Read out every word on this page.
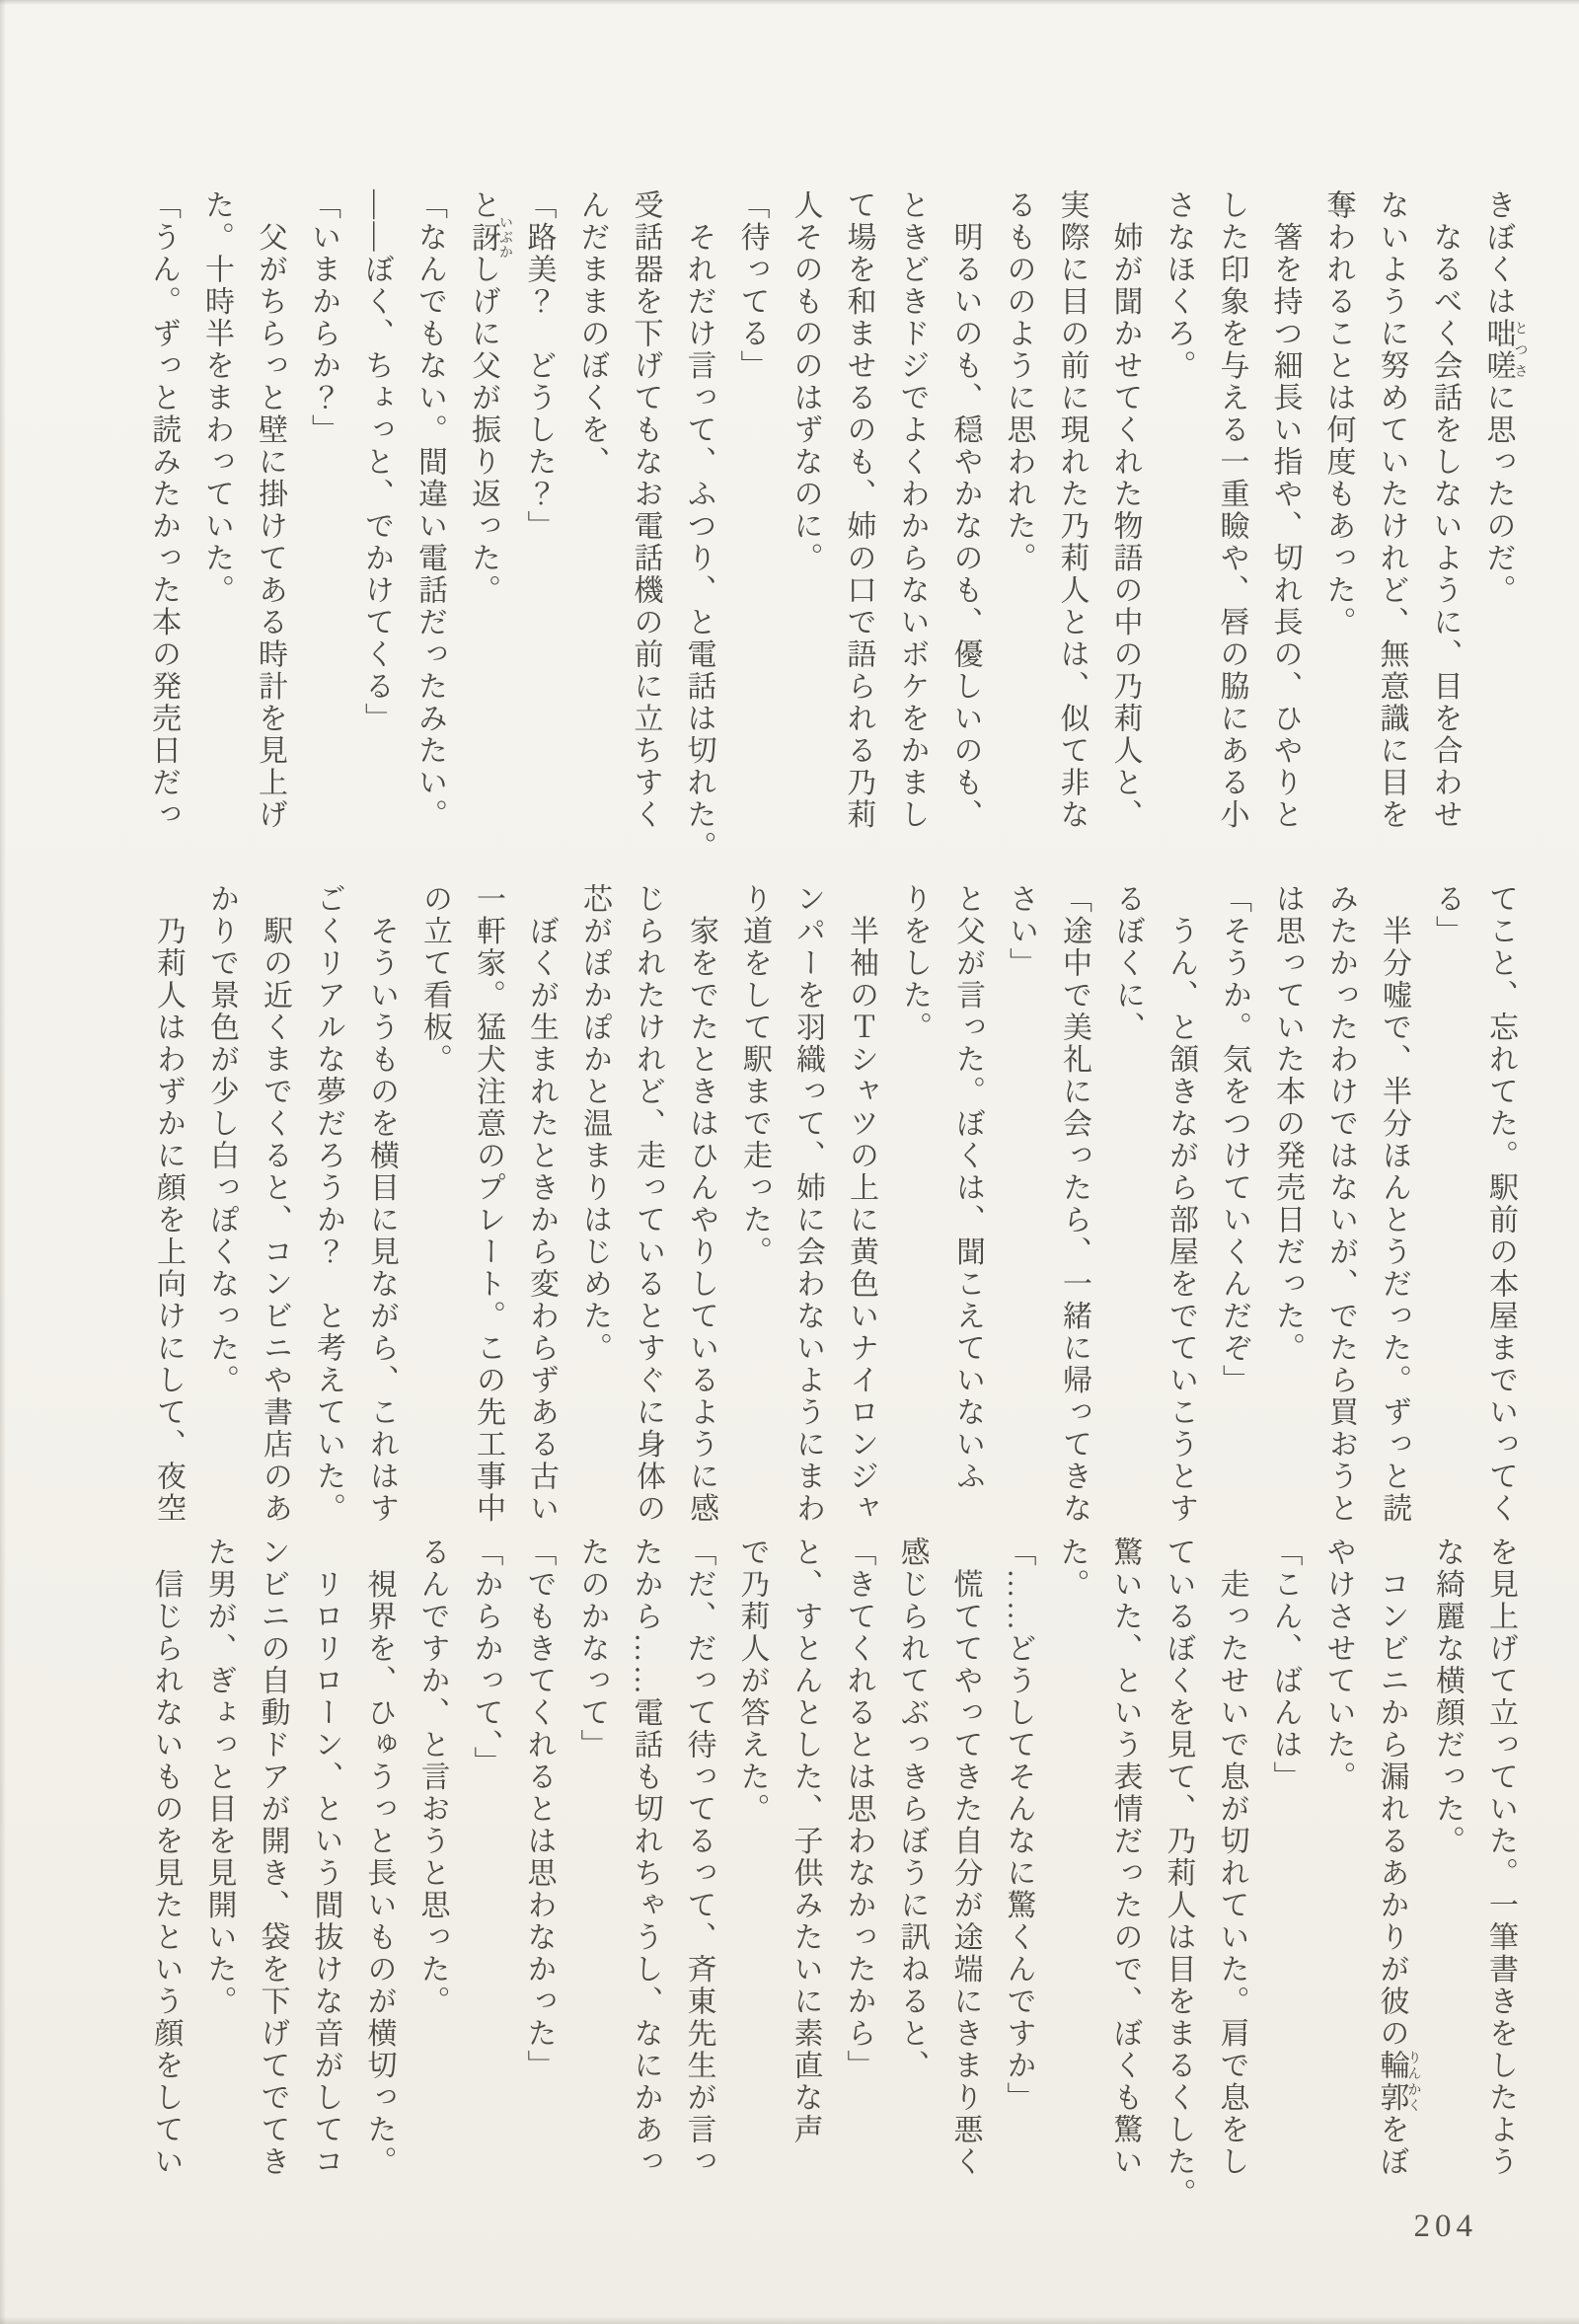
きぼくは咄嗟とつさに思ったのだ。
　なるべく会話をしないように、目を合わせ
ないように努めていたけれど、無意識に目を
奪われることは何度もあった。
　箸を持つ細長い指や、切れ長の、ひやりと
した印象を与える一重瞼や、唇の脇にある小
さなほくろ。
　姉が聞かせてくれた物語の中の乃莉人と、
実際に目の前に現れた乃莉人とは、似て非な
るもののように思われた。
　明るいのも、穏やかなのも、優しいのも、
ときどきドジでよくわからないボケをかまし
て場を和ませるのも、姉の口で語られる乃莉
人そのもののはずなのに。
「待ってる」
　それだけ言って、ふつり、と電話は切れた。
受話器を下げてもなお電話機の前に立ちすく
んだままのぼくを、
「路美？　どうした？」
と訝いぶかしげに父が振り返った。
「なんでもない。間違い電話だったみたい。
――ぼく、ちょっと、でかけてくる」
「いまからか？」
　父がちらっと壁に掛けてある時計を見上げ
た。十時半をまわっていた。
「うん。ずっと読みたかった本の発売日だっ
てこと、忘れてた。駅前の本屋までいってく
る」
　半分嘘で、半分ほんとうだった。ずっと読
みたかったわけではないが、でたら買おうと
は思っていた本の発売日だった。
「そうか。気をつけていくんだぞ」
　うん、と頷きながら部屋をでていこうとす
るぼくに、
「途中で美礼に会ったら、一緒に帰ってきな
さい」
と父が言った。ぼくは、聞こえていないふ
りをした。
　半袖のＴシャツの上に黄色いナイロンジャ
ンパーを羽織って、姉に会わないようにまわ
り道をして駅まで走った。
　家をでたときはひんやりしているように感
じられたけれど、走っているとすぐに身体の
芯がぽかぽかと温まりはじめた。
　ぼくが生まれたときから変わらずある古い
一軒家。猛犬注意のプレート。この先工事中
の立て看板。
　そういうものを横目に見ながら、これはす
ごくリアルな夢だろうか？　と考えていた。
　駅の近くまでくると、コンビニや書店のあ
かりで景色が少し白っぽくなった。
　乃莉人はわずかに顔を上向けにして、夜空
を見上げて立っていた。一筆書きをしたよう
な綺麗な横顔だった。
　コンビニから漏れるあかりが彼の輪郭りんかくをぼ
やけさせていた。
「こん、ばんは」
　走ったせいで息が切れていた。肩で息をし
ているぼくを見て、乃莉人は目をまるくした。
驚いた、という表情だったので、ぼくも驚い
た。
「……どうしてそんなに驚くんですか」
　慌ててやってきた自分が途端にきまり悪く
感じられてぶっきらぼうに訊ねると、
「きてくれるとは思わなかったから」
と、すとんとした、子供みたいに素直な声
で乃莉人が答えた。
「だ、だって待ってるって、斉東先生が言っ
たから……電話も切れちゃうし、なにかあっ
たのかなって」
「でもきてくれるとは思わなかった」
「からかって、」
るんですか、と言おうと思った。
　視界を、ひゅうっと長いものが横切った。
　リロリローン、という間抜けな音がしてコ
ンビニの自動ドアが開き、袋を下げてでてき
た男が、ぎょっと目を見開いた。
　信じられないものを見たという顔をしてい
204
